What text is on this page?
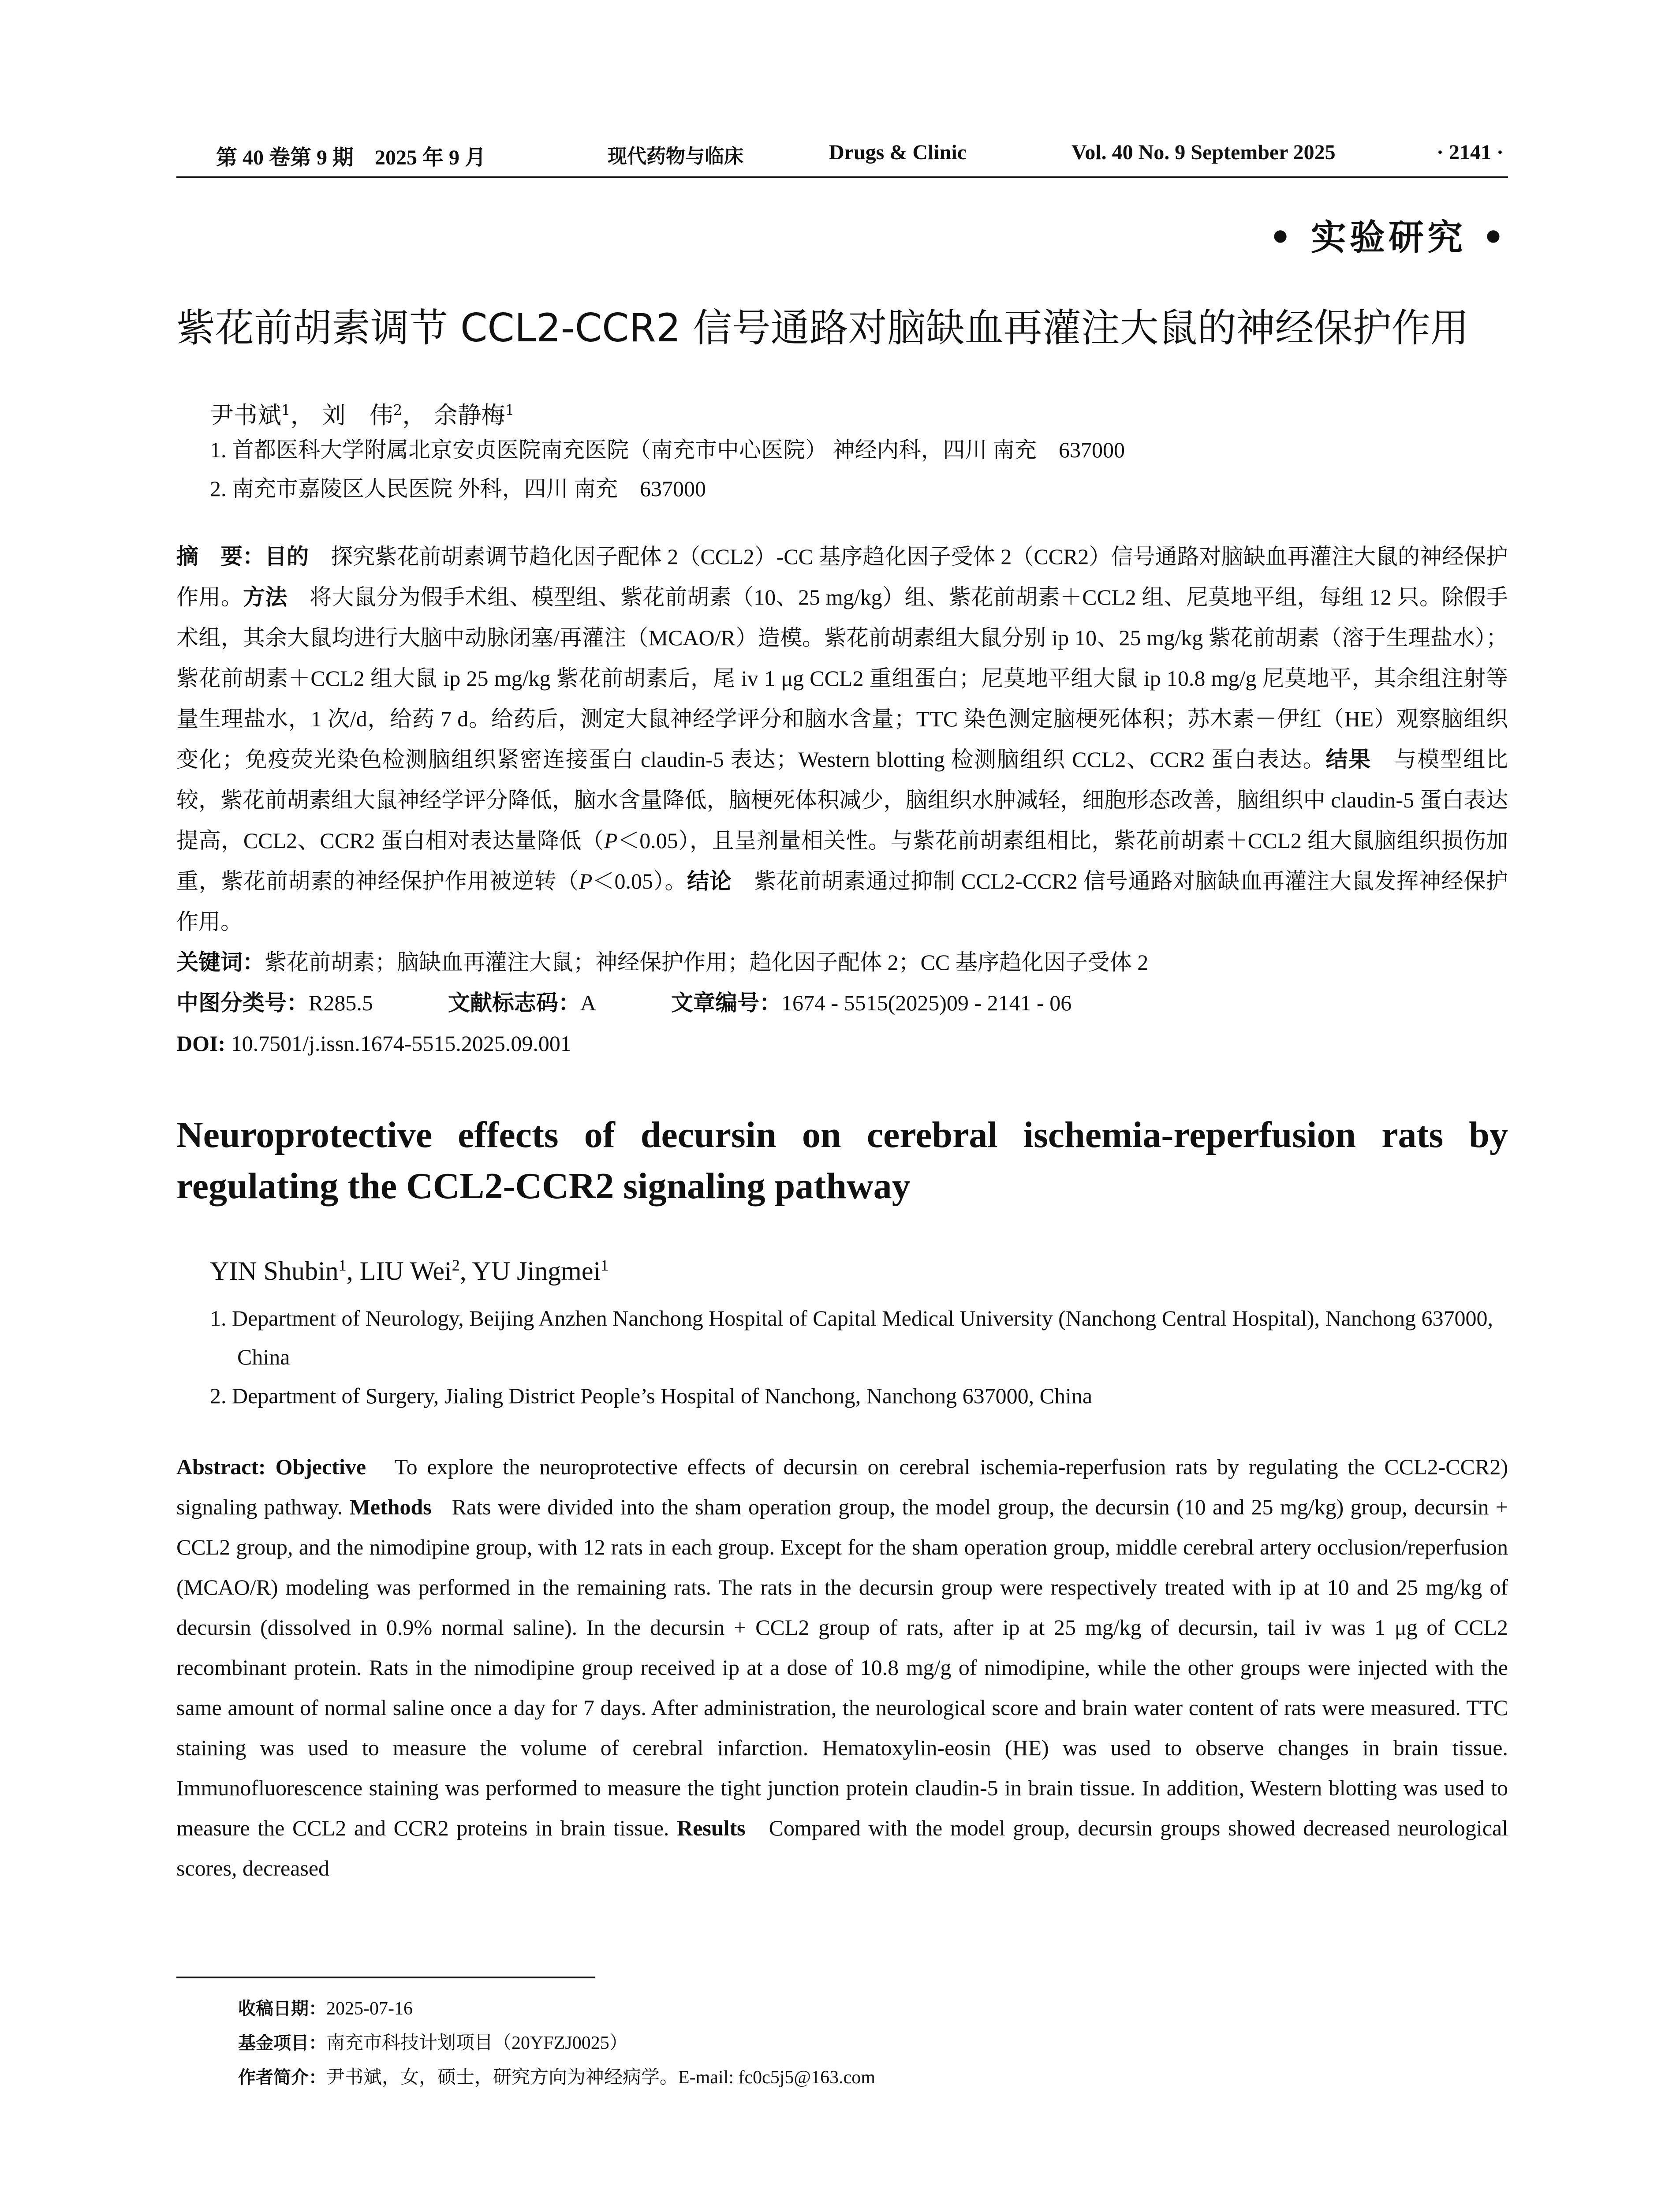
第 40 卷第 9 期　2025 年 9 月	现代药物与临床	Drugs & Clinic	Vol. 40 No. 9 September 2025	· 2141 ·
• 实验研究 •
紫花前胡素调节 CCL2-CCR2 信号通路对脑缺血再灌注大鼠的神经保护作用
尹书斌$^1$， 刘　伟$^2$， 余静梅$^1$
1. 首都医科大学附属北京安贞医院南充医院（南充市中心医院） 神经内科，四川 南充　637000
2. 南充市嘉陵区人民医院 外科，四川 南充　637000
摘　要：目的　 探究紫花前胡素调节趋化因子配体 2（CCL2）-CC 基序趋化因子受体 2（CCR2）信号通路对脑缺血再灌注大鼠的神经保护作用。方法　 将大鼠分为假手术组、模型组、紫花前胡素（10、25 mg/kg）组、紫花前胡素＋CCL2 组、尼莫地平组，每组 12 只。除假手术组，其余大鼠均进行大脑中动脉闭塞/再灌注（MCAO/R）造模。紫花前胡素组大鼠分别 ip 10、25 mg/kg 紫花前胡素（溶于生理盐水）；紫花前胡素＋CCL2 组大鼠 ip 25 mg/kg 紫花前胡素后，尾 iv 1 μg CCL2 重组蛋白；尼莫地平组大鼠 ip 10.8 mg/g 尼莫地平，其余组注射等量生理盐水，1 次/d，给药 7 d。给药后，测定大鼠神经学评分和脑水含量；TTC 染色测定脑梗死体积；苏木素－伊红（HE）观察脑组织变化；免疫荧光染色检测脑组织紧密连接蛋白 claudin-5 表达；Western blotting 检测脑组织 CCL2、CCR2 蛋白表达。结果　 与模型组比较，紫花前胡素组大鼠神经学评分降低，脑水含量降低，脑梗死体积减少，脑组织水肿减轻，细胞形态改善，脑组织中 claudin-5 蛋白表达提高，CCL2、CCR2 蛋白相对表达量降低（P＜0.05），且呈剂量相关性。与紫花前胡素组相比，紫花前胡素＋CCL2 组大鼠脑组织损伤加重，紫花前胡素的神经保护作用被逆转（P＜0.05）。结论　 紫花前胡素通过抑制 CCL2-CCR2 信号通路对脑缺血再灌注大鼠发挥神经保护作用。
关键词：紫花前胡素；脑缺血再灌注大鼠；神经保护作用；趋化因子配体 2；CC 基序趋化因子受体 2
中图分类号：R285.5	文献标志码：A	文章编号：1674 - 5515(2025)09 - 2141 - 06
DOI: 10.7501/j.issn.1674-5515.2025.09.001
Neuroprotective effects of decursin on cerebral ischemia-reperfusion rats by regulating the CCL2-CCR2 signaling pathway
YIN Shubin$^1$, LIU Wei$^2$, YU Jingmei$^1$
1. Department of Neurology, Beijing Anzhen Nanchong Hospital of Capital Medical University (Nanchong Central Hospital), Nanchong 637000, China
2. Department of Surgery, Jialing District People’s Hospital of Nanchong, Nanchong 637000, China
Abstract: Objective To explore the neuroprotective effects of decursin on cerebral ischemia-reperfusion rats by regulating the CCL2-CCR2) signaling pathway. Methods Rats were divided into the sham operation group, the model group, the decursin (10 and 25 mg/kg) group, decursin + CCL2 group, and the nimodipine group, with 12 rats in each group. Except for the sham operation group, middle cerebral artery occlusion/reperfusion (MCAO/R) modeling was performed in the remaining rats. The rats in the decursin group were respectively treated with ip at 10 and 25 mg/kg of decursin (dissolved in 0.9% normal saline). In the decursin + CCL2 group of rats, after ip at 25 mg/kg of decursin, tail iv was 1 μg of CCL2 recombinant protein. Rats in the nimodipine group received ip at a dose of 10.8 mg/g of nimodipine, while the other groups were injected with the same amount of normal saline once a day for 7 days. After administration, the neurological score and brain water content of rats were measured. TTC staining was used to measure the volume of cerebral infarction. Hematoxylin-eosin (HE) was used to observe changes in brain tissue. Immunofluorescence staining was performed to measure the tight junction protein claudin-5 in brain tissue. In addition, Western blotting was used to measure the CCL2 and CCR2 proteins in brain tissue. Results Compared with the model group, decursin groups showed decreased neurological scores, decreased
收稿日期：2025-07-16
基金项目：南充市科技计划项目（20YFZJ0025）
作者简介：尹书斌，女，硕士，研究方向为神经病学。E-mail: fc0c5j5@163.com
